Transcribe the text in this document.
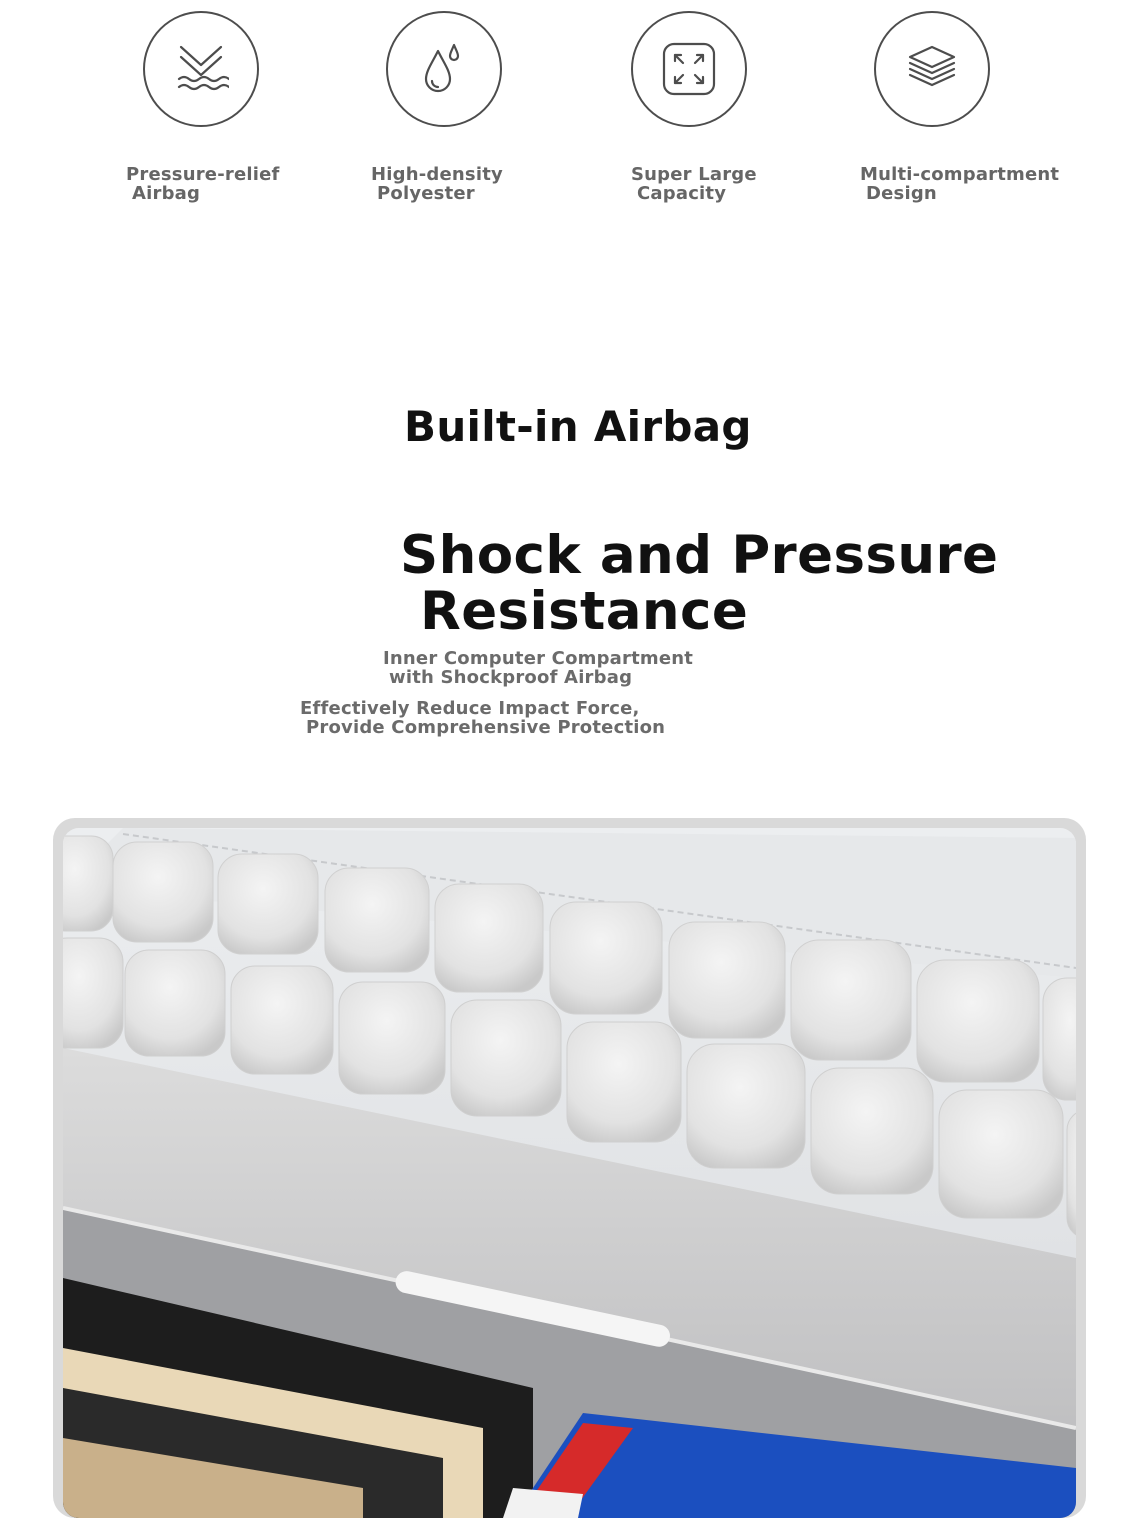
Pressure-relief
Airbag
High-density
Polyester
Super Large
Capacity
Multi-compartment
Design
Built-in Airbag
Shock and Pressure
Resistance
Inner Computer Compartment
with Shockproof Airbag
Effectively Reduce Impact Force,
Provide Comprehensive Protection
